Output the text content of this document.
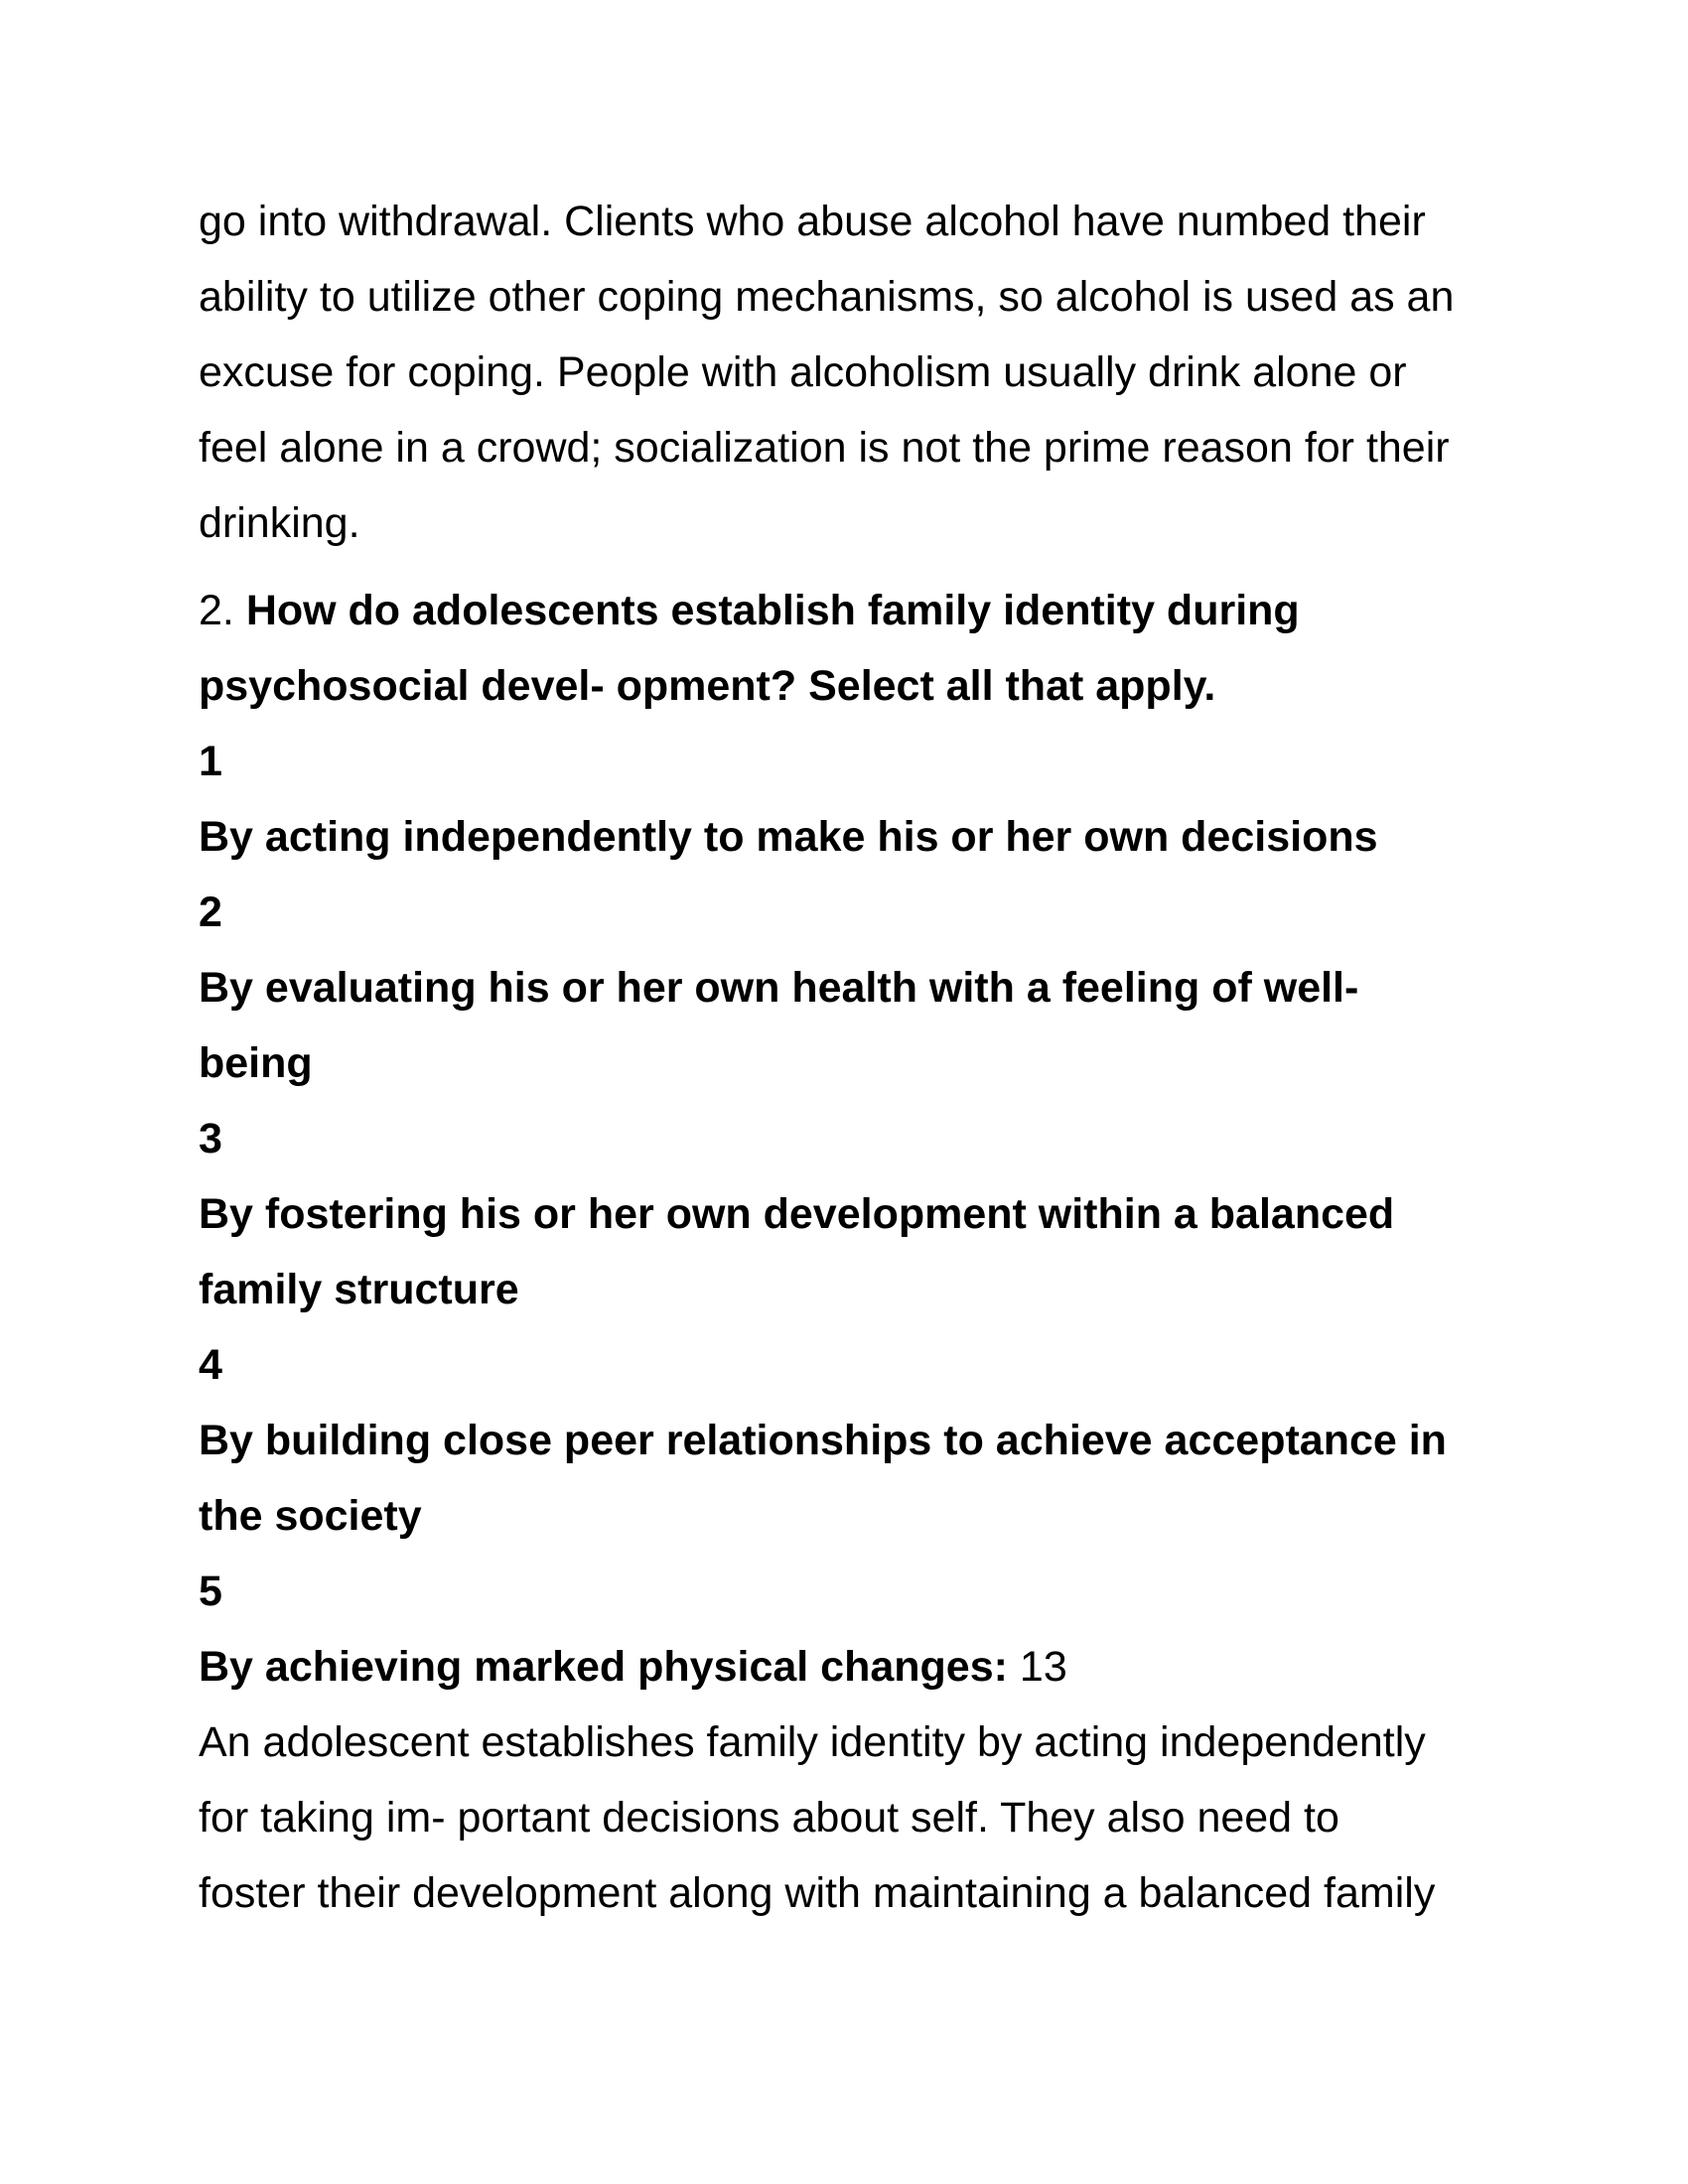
go into withdrawal. Clients who abuse alcohol have numbed their
ability to utilize other coping mechanisms, so alcohol is used as an
excuse for coping. People with alcoholism usually drink alone or
feel alone in a crowd; socialization is not the prime reason for their
drinking.
2. How do adolescents establish family identity during
psychosocial devel- opment? Select all that apply.
1
By acting independently to make his or her own decisions
2
By evaluating his or her own health with a feeling of well-
being
3
By fostering his or her own development within a balanced
family structure
4
By building close peer relationships to achieve acceptance in
the society
5
By achieving marked physical changes: 13
An adolescent establishes family identity by acting independently
for taking im- portant decisions about self. They also need to
foster their development along with maintaining a balanced family
